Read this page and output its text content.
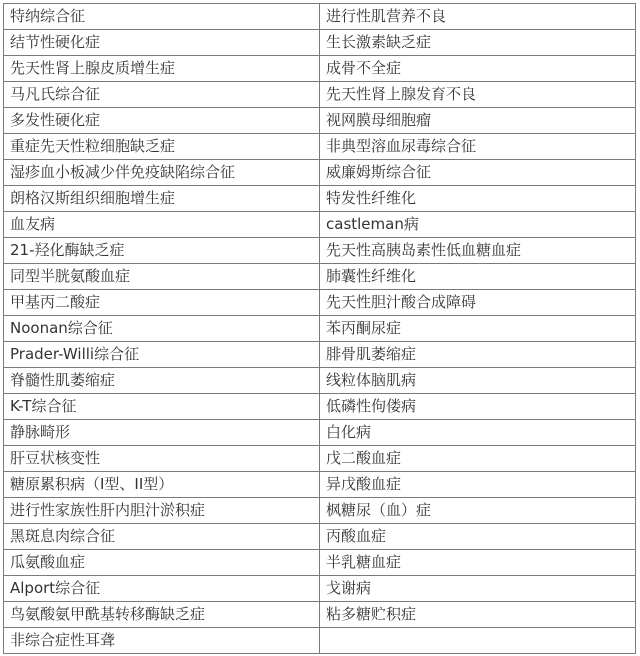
特纳综合征	进行性肌营养不良
结节性硬化症	生长激素缺乏症
先天性肾上腺皮质增生症	成骨不全症
马凡氏综合征	先天性肾上腺发育不良
多发性硬化症	视网膜母细胞瘤
重症先天性粒细胞缺乏症	非典型溶血尿毒综合征
湿疹血小板减少伴免疫缺陷综合征	威廉姆斯综合征
朗格汉斯组织细胞增生症	特发性纤维化
血友病	castleman病
21-羟化酶缺乏症	先天性高胰岛素性低血糖血症
同型半胱氨酸血症	肺囊性纤维化
甲基丙二酸症	先天性胆汁酸合成障碍
Noonan综合征	苯丙酮尿症
Prader-Willi综合征	腓骨肌萎缩症
脊髓性肌萎缩症	线粒体脑肌病
K-T综合征	低磷性佝偻病
静脉畸形	白化病
肝豆状核变性	戊二酸血症
糖原累积病（I型、II型）	异戊酸血症
进行性家族性肝内胆汁淤积症	枫糖尿（血）症
黑斑息肉综合征	丙酸血症
瓜氨酸血症	半乳糖血症
Alport综合征	戈谢病
鸟氨酸氨甲酰基转移酶缺乏症	粘多糖贮积症
非综合症性耳聋	
